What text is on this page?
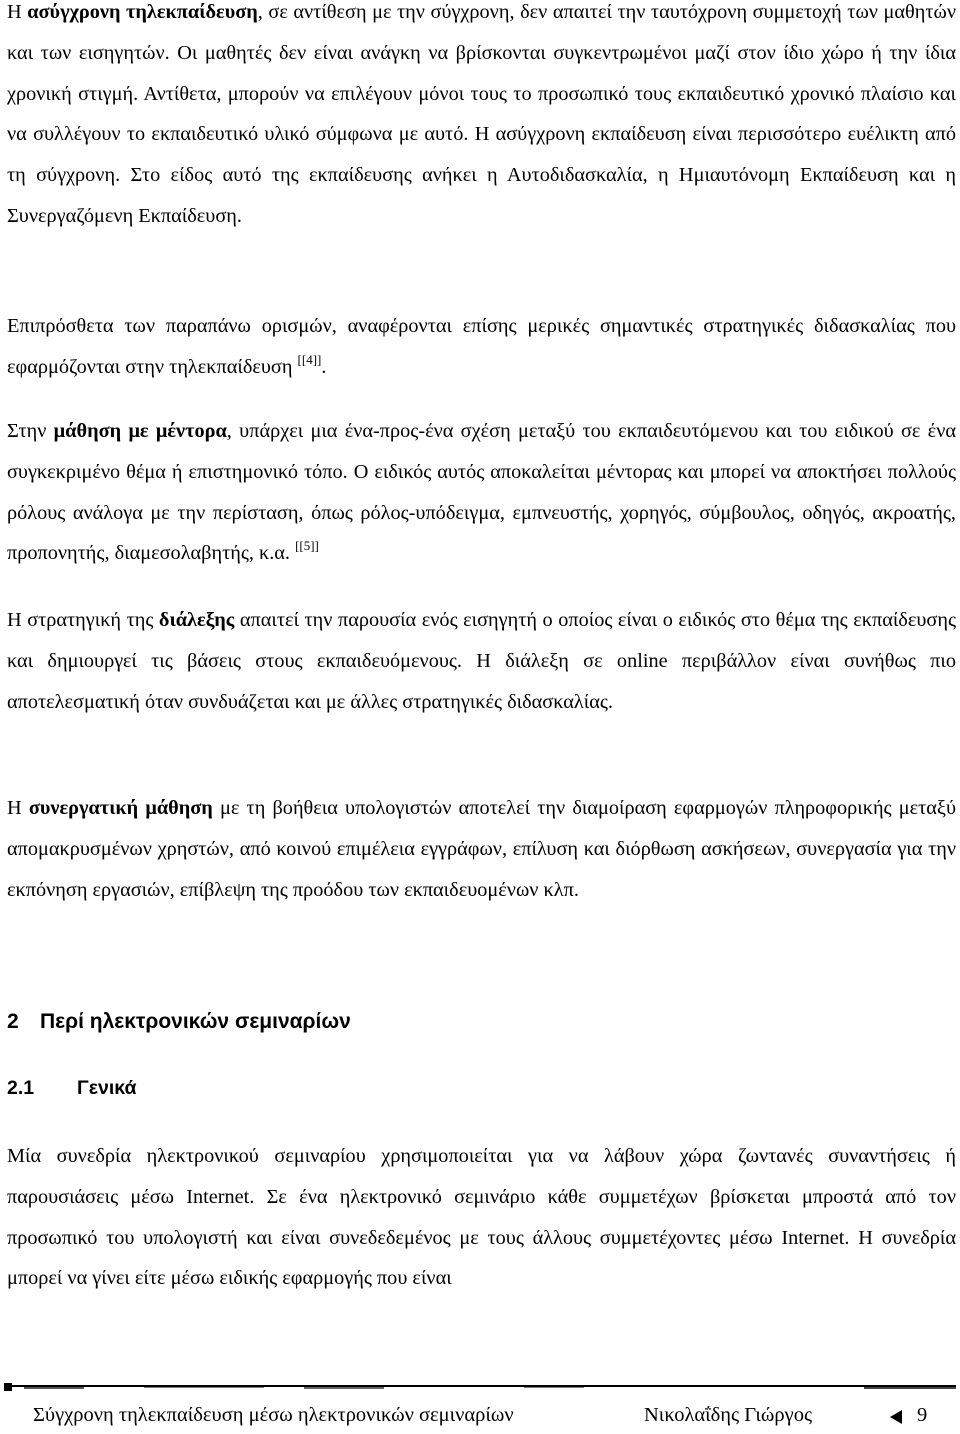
Η ασύγχρονη τηλεκπαίδευση, σε αντίθεση με την σύγχρονη, δεν απαιτεί την ταυτόχρονη συμμετοχή των μαθητών και των εισηγητών. Οι μαθητές δεν είναι ανάγκη να βρίσκονται συγκεντρωμένοι μαζί στον ίδιο χώρο ή την ίδια χρονική στιγμή. Αντίθετα, μπορούν να επιλέγουν μόνοι τους το προσωπικό τους εκπαιδευτικό χρονικό πλαίσιο και να συλλέγουν το εκπαιδευτικό υλικό σύμφωνα με αυτό. Η ασύγχρονη εκπαίδευση είναι περισσότερο ευέλικτη από τη σύγχρονη. Στο είδος αυτό της εκπαίδευσης ανήκει η Αυτοδιδασκαλία, η Ημιαυτόνομη Εκπαίδευση και η Συνεργαζόμενη Εκπαίδευση.

Επιπρόσθετα των παραπάνω ορισμών, αναφέρονται επίσης μερικές σημαντικές στρατηγικές διδασκαλίας που εφαρμόζονται στην τηλεκπαίδευση [[4]].

Στην μάθηση με μέντορα, υπάρχει μια ένα-προς-ένα σχέση μεταξύ του εκπαιδευτόμενου και του ειδικού σε ένα συγκεκριμένο θέμα ή επιστημονικό τόπο. Ο ειδικός αυτός αποκαλείται μέντορας και μπορεί να αποκτήσει πολλούς ρόλους ανάλογα με την περίσταση, όπως ρόλος-υπόδειγμα, εμπνευστής, χορηγός, σύμβουλος, οδηγός, ακροατής, προπονητής, διαμεσολαβητής, κ.α. [[5]]

Η στρατηγική της διάλεξης απαιτεί την παρουσία ενός εισηγητή ο οποίος είναι ο ειδικός στο θέμα της εκπαίδευσης και δημιουργεί τις βάσεις στους εκπαιδευόμενους. Η διάλεξη σε online περιβάλλον είναι συνήθως πιο αποτελεσματική όταν συνδυάζεται και με άλλες στρατηγικές διδασκαλίας.

Η συνεργατική μάθηση με τη βοήθεια υπολογιστών αποτελεί την διαμοίραση εφαρμογών πληροφορικής μεταξύ απομακρυσμένων χρηστών, από κοινού επιμέλεια εγγράφων, επίλυση και διόρθωση ασκήσεων, συνεργασία για την εκπόνηση εργασιών, επίβλεψη της προόδου των εκπαιδευομένων κλπ.

2 Περί ηλεκτρονικών σεμιναρίων
2.1 Γενικά

Μία συνεδρία ηλεκτρονικού σεμιναρίου χρησιμοποιείται για να λάβουν χώρα ζωντανές συναντήσεις ή παρουσιάσεις μέσω Internet. Σε ένα ηλεκτρονικό σεμινάριο κάθε συμμετέχων βρίσκεται μπροστά από τον προσωπικό του υπολογιστή και είναι συνεδεδεμένος με τους άλλους συμμετέχοντες μέσω Internet. Η συνεδρία μπορεί να γίνει είτε μέσω ειδικής εφαρμογής που είναι

Σύγχρονη τηλεκπαίδευση μέσω ηλεκτρονικών σεμιναρίων	Νικολαΐδης Γιώργος	9
